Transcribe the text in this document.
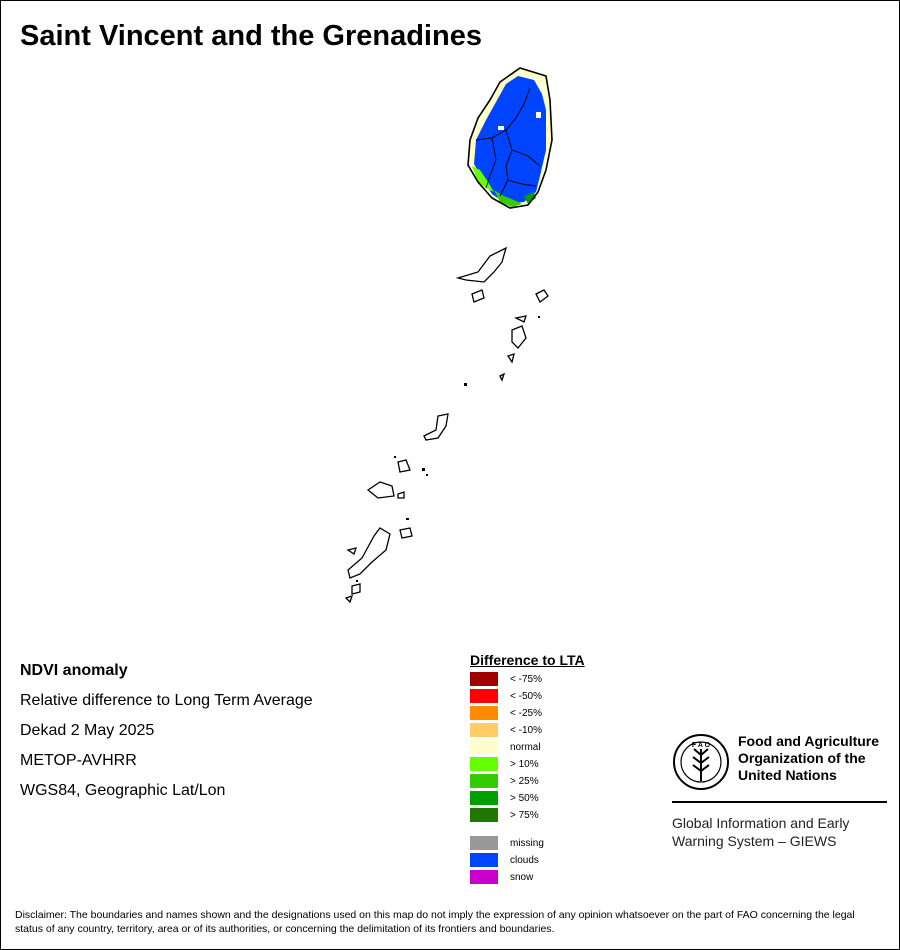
Saint Vincent and the Grenadines
NDVI anomaly
Relative difference to Long Term Average
Dekad 2 May 2025
METOP-AVHRR
WGS84, Geographic Lat/Lon
Difference to LTA
< -75%
< -50%
< -25%
< -10%
normal
> 10%
> 25%
> 50%
> 75%
missing
clouds
snow
F A O Food and Agriculture
Organization of the
United Nations
Global Information and Early
Warning System – GIEWS
Disclaimer: The boundaries and names shown and the designations used on this map do not imply the expression of any opinion whatsoever on the part of FAO concerning the legal status of any country, territory, area or of its authorities, or concerning the delimitation of its frontiers and boundaries.
